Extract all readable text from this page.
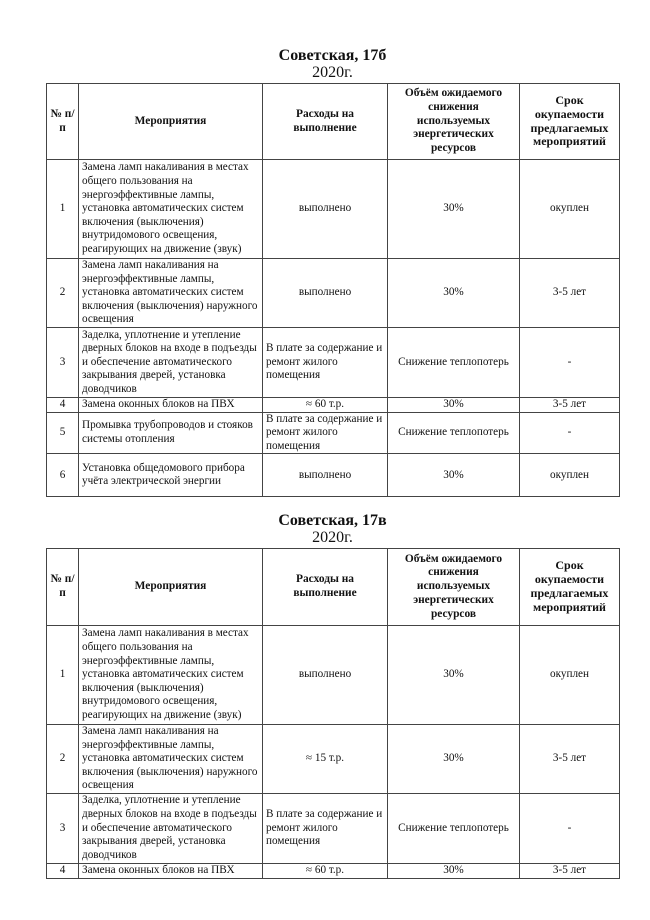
Советская, 17б

2020г.

№ п/п	Мероприятия	Расходы на выполнение	Объём ожидаемого снижения используемых энергетических ресурсов	Срок окупаемости предлагаемых мероприятий
1	Замена ламп накаливания в местах общего пользования на энергоэффективные лампы, установка автоматических систем включения (выключения) внутридомового освещения, реагирующих на движение (звук)	выполнено	30%	окуплен
2	Замена ламп накаливания на энергоэффективные лампы, установка автоматических систем включения (выключения) наружного освещения	выполнено	30%	3-5 лет
3	Заделка, уплотнение и утепление дверных блоков на входе в подъезды и обеспечение автоматического закрывания дверей, установка доводчиков	В плате за содержание и ремонт жилого помещения	Снижение теплопотерь	-
4	Замена оконных блоков на ПВХ	≈ 60 т.р.	30%	3-5 лет
5	Промывка трубопроводов и стояков системы отопления	В плате за содержание и ремонт жилого помещения	Снижение теплопотерь	-
6	Установка общедомового прибора учёта электрической энергии	выполнено	30%	окуплен

Советская, 17в

2020г.

№ п/п	Мероприятия	Расходы на выполнение	Объём ожидаемого снижения используемых энергетических ресурсов	Срок окупаемости предлагаемых мероприятий
1	Замена ламп накаливания в местах общего пользования на энергоэффективные лампы, установка автоматических систем включения (выключения) внутридомового освещения, реагирующих на движение (звук)	выполнено	30%	окуплен
2	Замена ламп накаливания на энергоэффективные лампы, установка автоматических систем включения (выключения) наружного освещения	≈ 15 т.р.	30%	3-5 лет
3	Заделка, уплотнение и утепление дверных блоков на входе в подъезды и обеспечение автоматического закрывания дверей, установка доводчиков	В плате за содержание и ремонт жилого помещения	Снижение теплопотерь	-
4	Замена оконных блоков на ПВХ	≈ 60 т.р.	30%	3-5 лет
